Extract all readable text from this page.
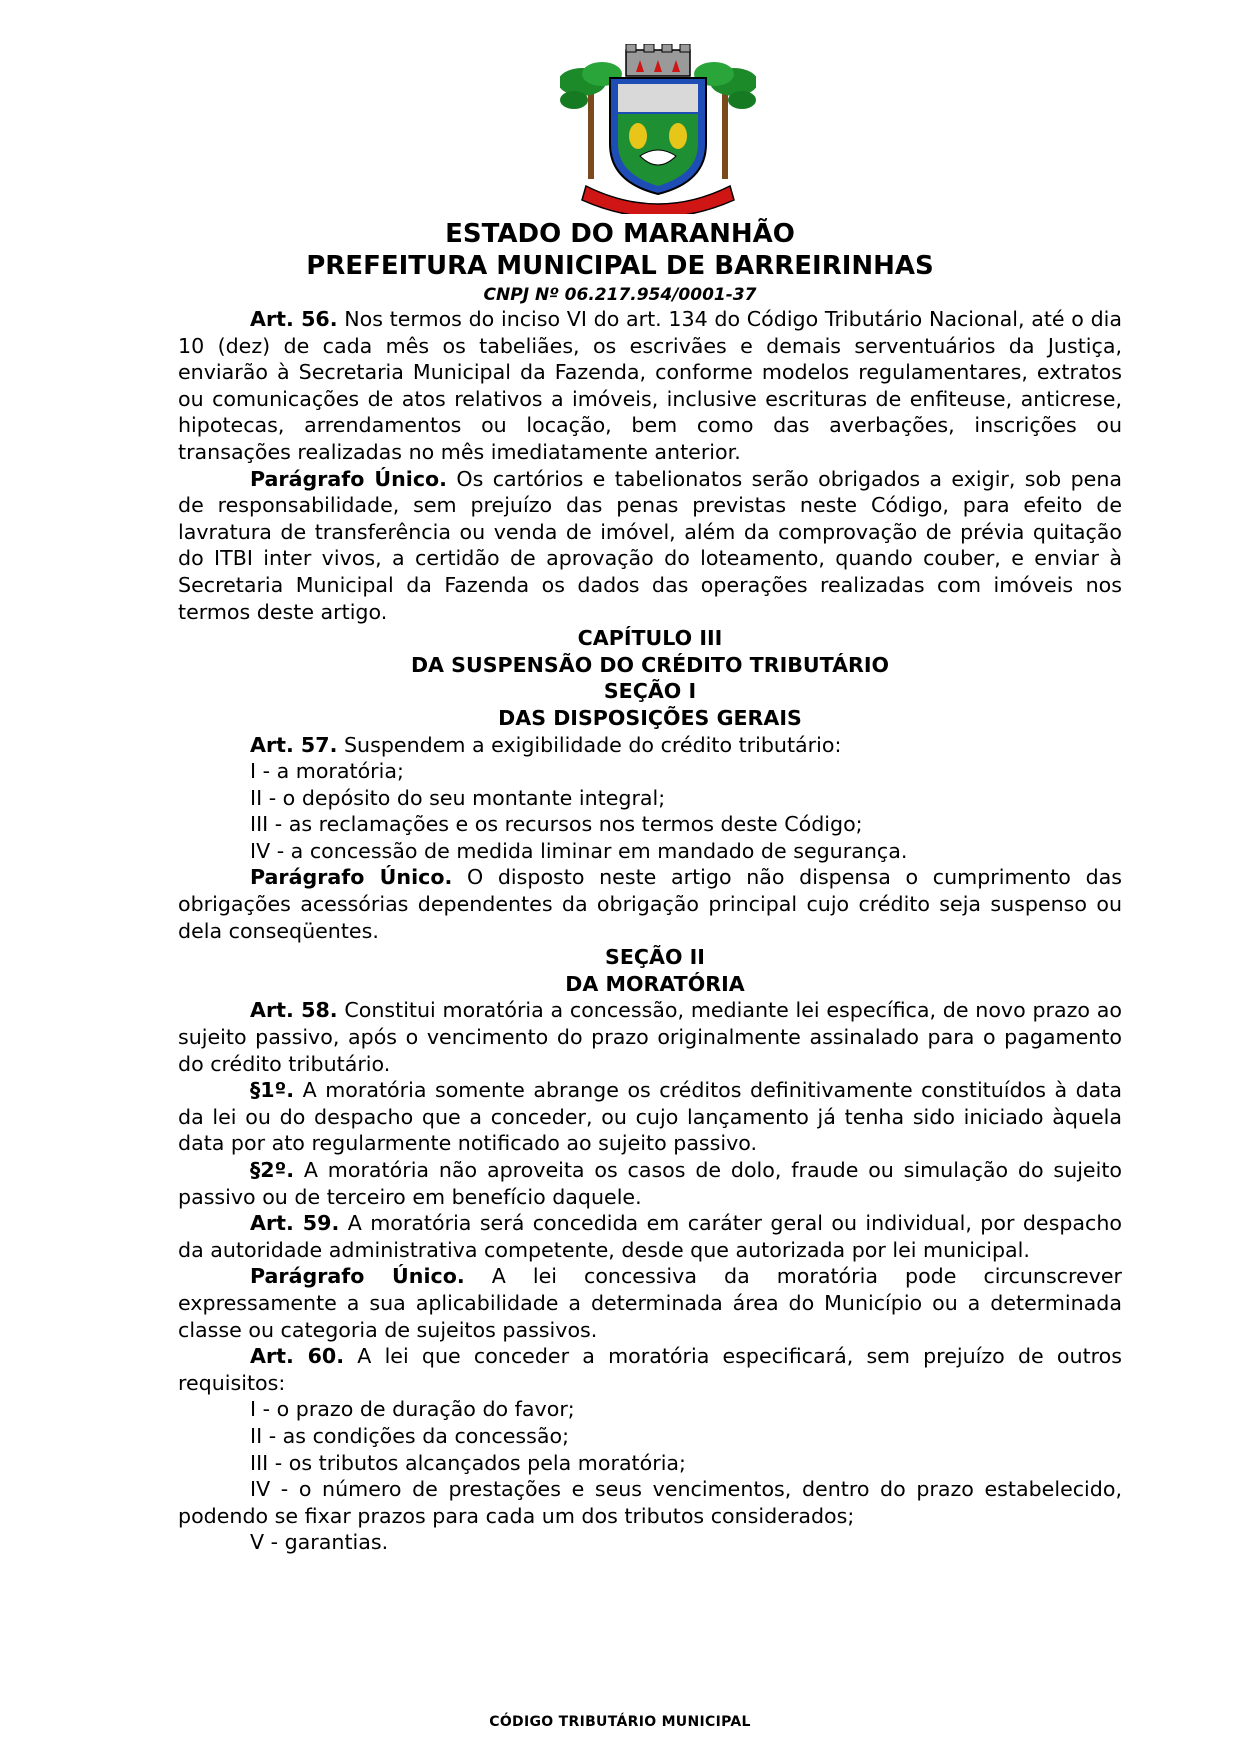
ESTADO DO MARANHÃO
PREFEITURA MUNICIPAL DE BARREIRINHAS
CNPJ Nº 06.217.954/0001-37

Art. 56. Nos termos do inciso VI do art. 134 do Código Tributário Nacional, até o dia 10 (dez) de cada mês os tabeliães, os escrivães e demais serventuários da Justiça, enviarão à Secretaria Municipal da Fazenda, conforme modelos regulamentares, extratos ou comunicações de atos relativos a imóveis, inclusive escrituras de enfiteuse, anticrese, hipotecas, arrendamentos ou locação, bem como das averbações, inscrições ou transações realizadas no mês imediatamente anterior.

Parágrafo Único. Os cartórios e tabelionatos serão obrigados a exigir, sob pena de responsabilidade, sem prejuízo das penas previstas neste Código, para efeito de lavratura de transferência ou venda de imóvel, além da comprovação de prévia quitação do ITBI inter vivos, a certidão de aprovação do loteamento, quando couber, e enviar à Secretaria Municipal da Fazenda os dados das operações realizadas com imóveis nos termos deste artigo.

CAPÍTULO III

DA SUSPENSÃO DO CRÉDITO TRIBUTÁRIO

SEÇÃO I

DAS DISPOSIÇÕES GERAIS

Art. 57. Suspendem a exigibilidade do crédito tributário:

I - a moratória;

II - o depósito do seu montante integral;

III - as reclamações e os recursos nos termos deste Código;

IV - a concessão de medida liminar em mandado de segurança.

Parágrafo Único. O disposto neste artigo não dispensa o cumprimento das obrigações acessórias dependentes da obrigação principal cujo crédito seja suspenso ou dela conseqüentes.

SEÇÃO II

DA MORATÓRIA

Art. 58. Constitui moratória a concessão, mediante lei específica, de novo prazo ao sujeito passivo, após o vencimento do prazo originalmente assinalado para o pagamento do crédito tributário.

§1º. A moratória somente abrange os créditos definitivamente constituídos à data da lei ou do despacho que a conceder, ou cujo lançamento já tenha sido iniciado àquela data por ato regularmente notificado ao sujeito passivo.

§2º. A moratória não aproveita os casos de dolo, fraude ou simulação do sujeito passivo ou de terceiro em benefício daquele.

Art. 59. A moratória será concedida em caráter geral ou individual, por despacho da autoridade administrativa competente, desde que autorizada por lei municipal.

Parágrafo Único. A lei concessiva da moratória pode circunscrever expressamente a sua aplicabilidade a determinada área do Município ou a determinada classe ou categoria de sujeitos passivos.

Art. 60. A lei que conceder a moratória especificará, sem prejuízo de outros requisitos:

I - o prazo de duração do favor;

II - as condições da concessão;

III - os tributos alcançados pela moratória;

IV - o número de prestações e seus vencimentos, dentro do prazo estabelecido, podendo se fixar prazos para cada um dos tributos considerados;

V - garantias.

CÓDIGO TRIBUTÁRIO MUNICIPAL
